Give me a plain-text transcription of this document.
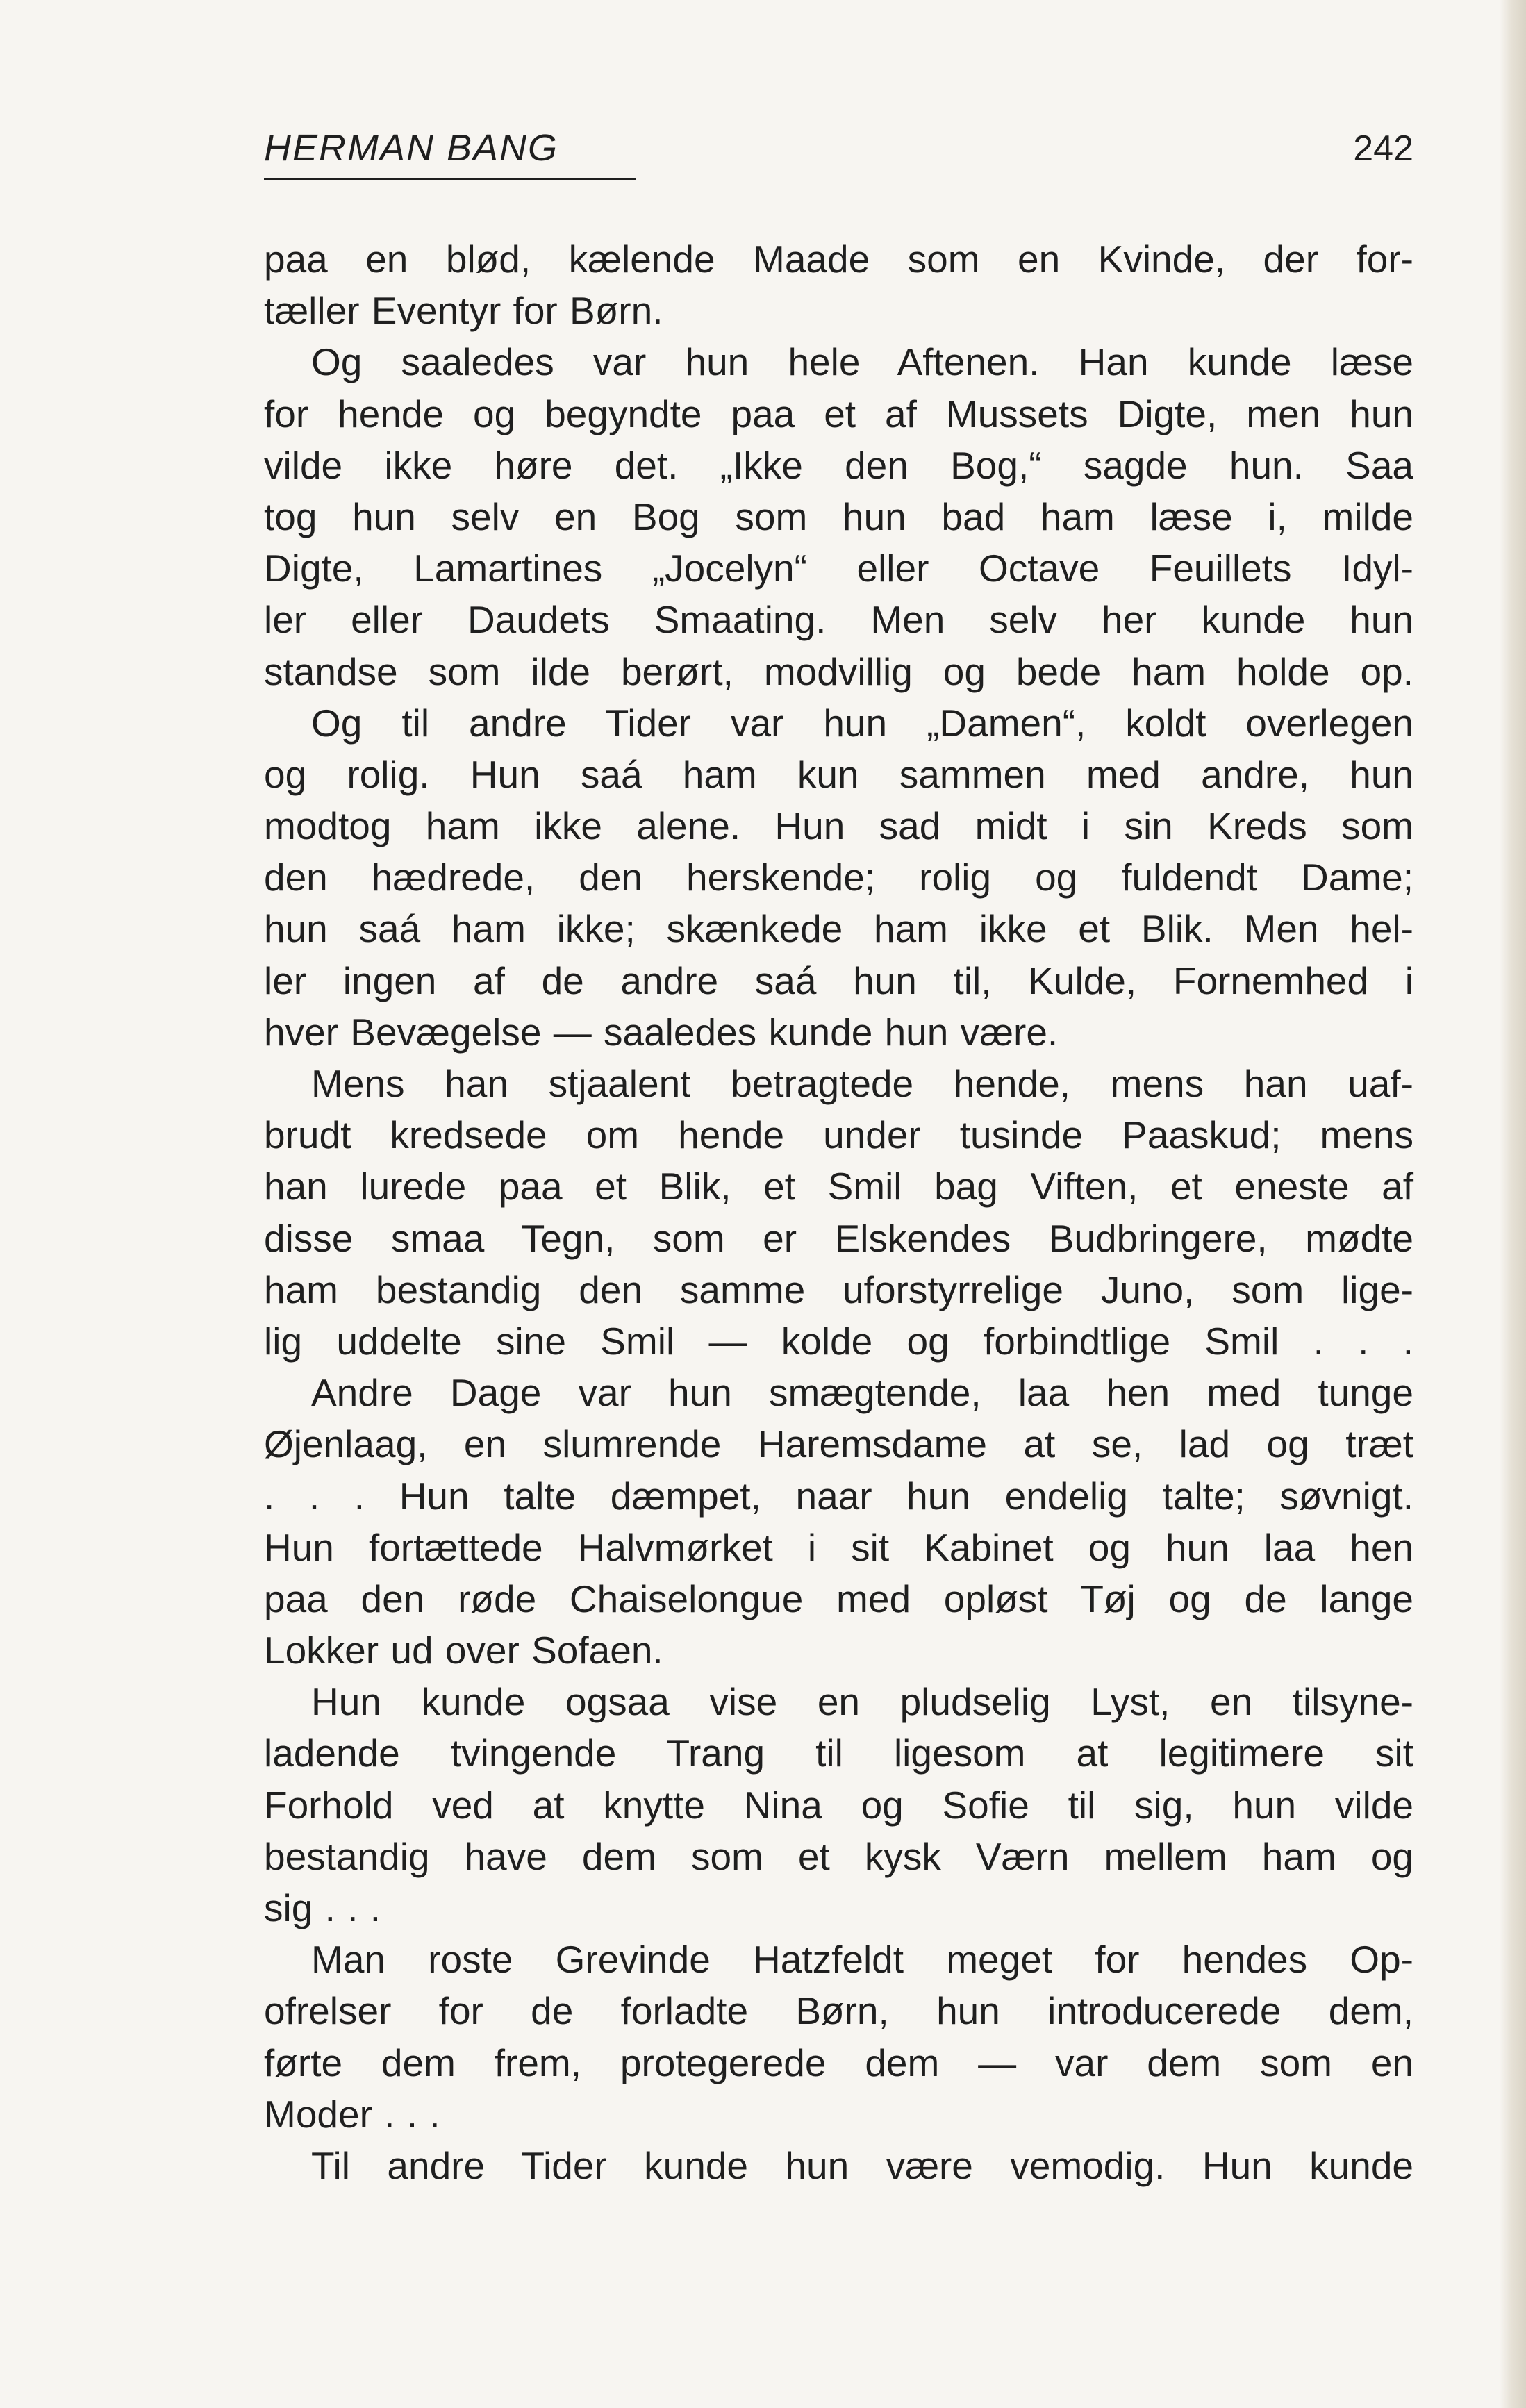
HERMAN BANG	242
paa en blød, kælende Maade som en Kvinde, der for-
tæller Eventyr for Børn.
Og saaledes var hun hele Aftenen. Han kunde læse
for hende og begyndte paa et af Mussets Digte, men hun
vilde ikke høre det. „Ikke den Bog,“ sagde hun. Saa
tog hun selv en Bog som hun bad ham læse i, milde
Digte, Lamartines „Jocelyn“ eller Octave Feuillets Idyl-
ler eller Daudets Smaating. Men selv her kunde hun
standse som ilde berørt, modvillig og bede ham holde op.
Og til andre Tider var hun „Damen“, koldt overlegen
og rolig. Hun saá ham kun sammen med andre, hun
modtog ham ikke alene. Hun sad midt i sin Kreds som
den hædrede, den herskende; rolig og fuldendt Dame;
hun saá ham ikke; skænkede ham ikke et Blik. Men hel-
ler ingen af de andre saá hun til, Kulde, Fornemhed i
hver Bevægelse — saaledes kunde hun være.
Mens han stjaalent betragtede hende, mens han uaf-
brudt kredsede om hende under tusinde Paaskud; mens
han lurede paa et Blik, et Smil bag Viften, et eneste af
disse smaa Tegn, som er Elskendes Budbringere, mødte
ham bestandig den samme uforstyrrelige Juno, som lige-
lig uddelte sine Smil — kolde og forbindtlige Smil . . .
Andre Dage var hun smægtende, laa hen med tunge
Øjenlaag, en slumrende Haremsdame at se, lad og træt
. . . Hun talte dæmpet, naar hun endelig talte; søvnigt.
Hun fortættede Halvmørket i sit Kabinet og hun laa hen
paa den røde Chaiselongue med opløst Tøj og de lange
Lokker ud over Sofaen.
Hun kunde ogsaa vise en pludselig Lyst, en tilsyne-
ladende tvingende Trang til ligesom at legitimere sit
Forhold ved at knytte Nina og Sofie til sig, hun vilde
bestandig have dem som et kysk Værn mellem ham og
sig . . .
Man roste Grevinde Hatzfeldt meget for hendes Op-
ofrelser for de forladte Børn, hun introducerede dem,
førte dem frem, protegerede dem — var dem som en
Moder . . .
Til andre Tider kunde hun være vemodig. Hun kunde
